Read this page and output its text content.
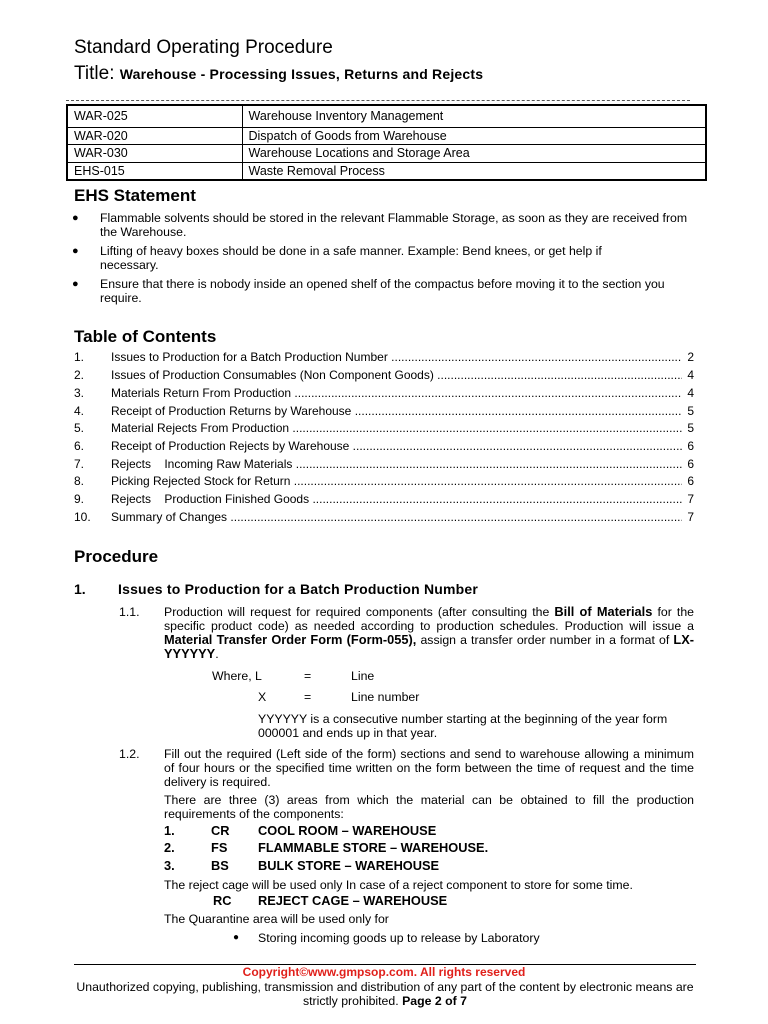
Standard Operating Procedure
Title: Warehouse - Processing Issues, Returns and Rejects
WAR-025	Warehouse Inventory Management
WAR-020	Dispatch of Goods from Warehouse
WAR-030	Warehouse Locations and Storage Area
EHS-015	Waste Removal Process
EHS Statement
● Flammable solvents should be stored in the relevant Flammable Storage, as soon as they are received from the Warehouse.
● Lifting of heavy boxes should be done in a safe manner. Example: Bend knees, or get help if necessary.
● Ensure that there is nobody inside an opened shelf of the compactus before moving it to the section you require.
Table of Contents
1. Issues to Production for a Batch Production Number .....	2
2. Issues of Production Consumables (Non Component Goods) .....	4
3. Materials Return From Production .....	4
4. Receipt of Production Returns by Warehouse .....	5
5. Material Rejects From Production .....	5
6. Receipt of Production Rejects by Warehouse .....	6
7. Rejects    Incoming Raw Materials .....	6
8. Picking Rejected Stock for Return .....	6
9. Rejects    Production Finished Goods .....	7
10. Summary of Changes .....	7
Procedure
1. Issues to Production for a Batch Production Number
1.1. Production will request for required components (after consulting the Bill of Materials for the specific product code) as needed according to production schedules. Production will issue a Material Transfer Order Form (Form-055), assign a transfer order number in a format of LX-YYYYYY.
Where, L	=	Line
X	=	Line number
YYYYYY is a consecutive number starting at the beginning of the year form 000001 and ends up in that year.
1.2. Fill out the required (Left side of the form) sections and send to warehouse allowing a minimum of four hours or the specified time written on the form between the time of request and the time delivery is required.
There are three (3) areas from which the material can be obtained to fill the production requirements of the components:
1.	CR COOL ROOM – WAREHOUSE
2.	FS FLAMMABLE STORE – WAREHOUSE.
3.	BS BULK STORE – WAREHOUSE
The reject cage will be used only In case of a reject component to store for some time.
RC REJECT CAGE – WAREHOUSE
The Quarantine area will be used only for
● Storing incoming goods up to release by Laboratory
Copyright©www.gmpsop.com. All rights reserved
Unauthorized copying, publishing, transmission and distribution of any part of the content by electronic means are strictly prohibited. Page 2 of 7
